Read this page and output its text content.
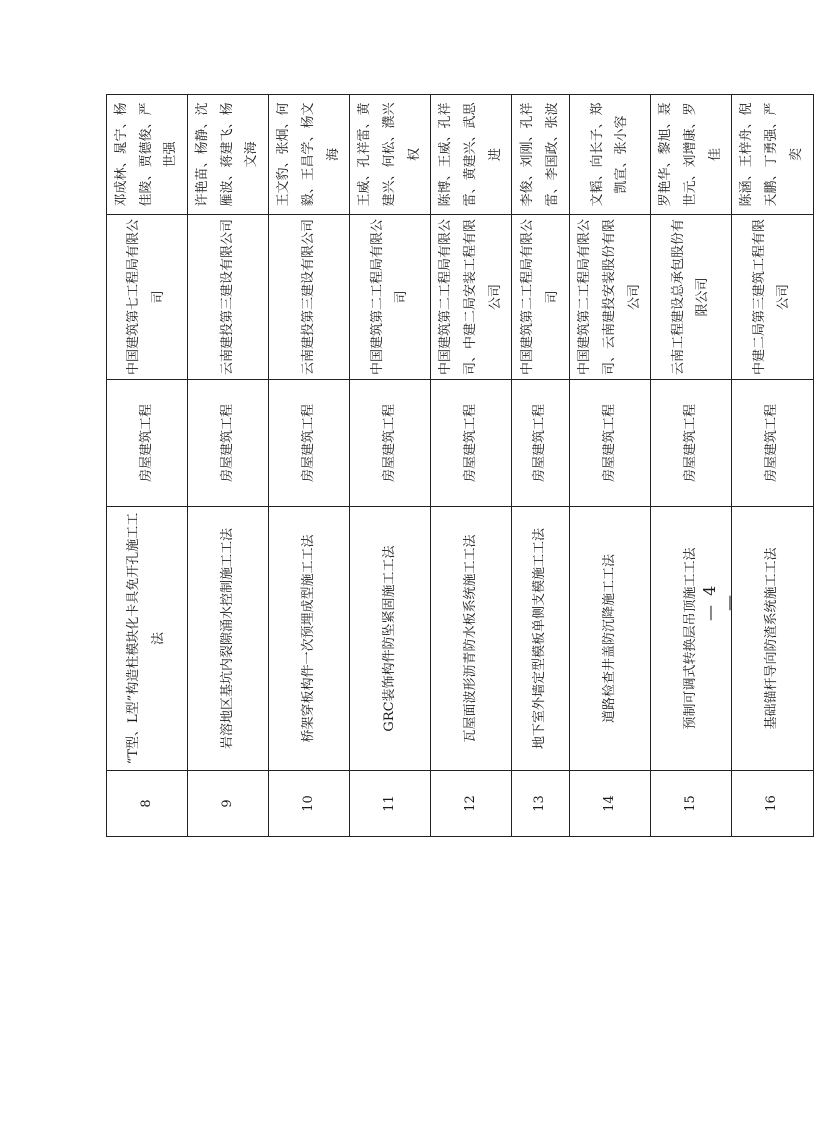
8	“T型、L型”构造柱模块化卡具免开孔施工工法	房屋建筑工程	中国建筑第七工程局有限公司	邓成林、晁宁、杨佳陵、贾德俊、严世强	
9	岩溶地区基坑内裂隙涌水控制施工工法	房屋建筑工程	云南建投第三建设有限公司	许艳苗、杨静、沈雁波、蒋建飞、杨文海	
10	桥架穿板构件一次预埋成型施工工法	房屋建筑工程	云南建投第三建设有限公司	王文豹、张炯、何毅、王昌学、杨文海	
11	GRC装饰构件防坠紧固施工工法	房屋建筑工程	中国建筑第二工程局有限公司	王威、孔祥雷、黄建兴、何松、濮兴权	
12	瓦屋面波形沥青防水板系统施工工法	房屋建筑工程	中国建筑第二工程局有限公司、中建二局安装工程有限公司	陈博、王威、孔祥雷、黄建兴、武思进	
13	地下室外墙定型模板单侧支模施工工法	房屋建筑工程	中国建筑第二工程局有限公司	李俊、刘刚、孔祥雷、李国政、张波	
14	道路检查井盖防沉降施工工法	房屋建筑工程	中国建筑第二工程局有限公司、云南建投安装股份有限公司	文韬、向长子、郑凯宣、张小容	
15	预制可调式转换层吊顶施工工法	房屋建筑工程	云南工程建设总承包股份有限公司	罗艳华、黎旭、聂世元、刘增康、罗佳	
16	基础锚杆导向防渣系统施工工法	房屋建筑工程	中建二局第三建筑工程有限公司	陈涵、王梓舟、倪天鹏、丁勇强、严奕	
— 4 —
